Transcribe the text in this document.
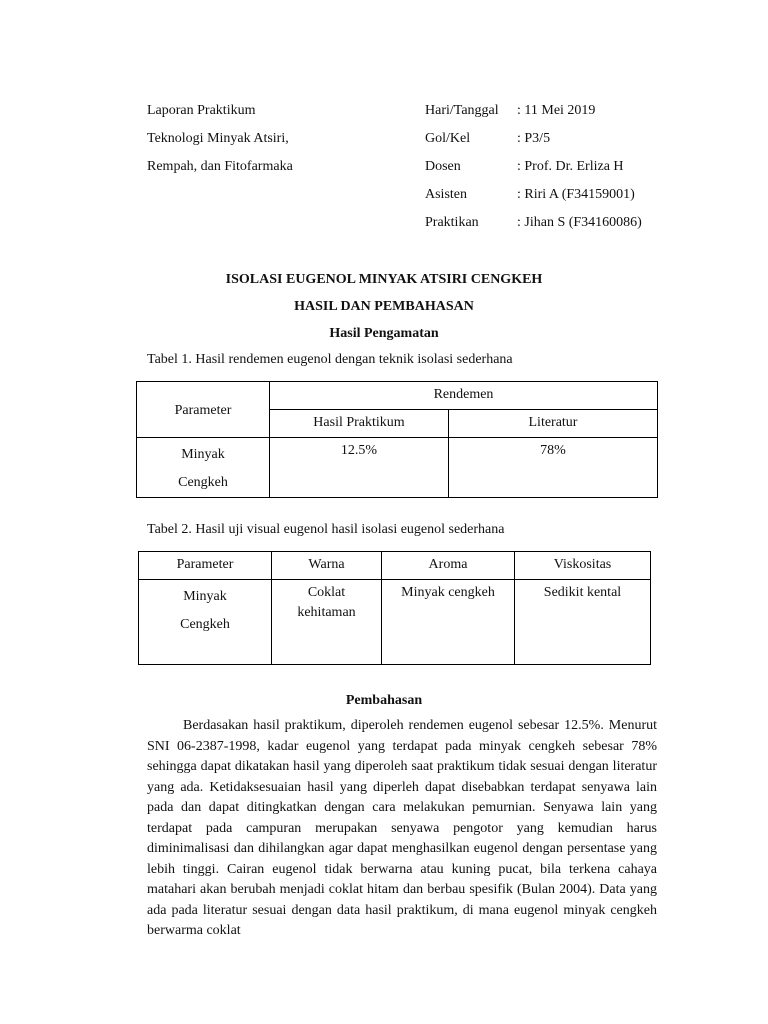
Laporan Praktikum
Teknologi Minyak Atsiri,
Rempah, dan Fitofarmaka
Hari/Tanggal : 11 Mei 2019
Gol/Kel	: P3/5
Dosen	: Prof. Dr. Erliza H
Asisten	: Riri A (F34159001)
Praktikan	: Jihan S (F34160086)
ISOLASI EUGENOL MINYAK ATSIRI CENGKEH
HASIL DAN PEMBAHASAN
Hasil Pengamatan
Tabel 1. Hasil rendemen eugenol dengan teknik isolasi sederhana
Parameter	Rendemen	
	Hasil Praktikum	Literatur
Minyak
Cengkeh	12.5%	78%
Tabel 2. Hasil uji visual eugenol hasil isolasi eugenol sederhana
Parameter	Warna	Aroma	Viskositas
Minyak
Cengkeh	Coklat
kehitaman	Minyak cengkeh	Sedikit kental
Pembahasan
Berdasakan hasil praktikum, diperoleh rendemen eugenol sebesar 12.5%. Menurut SNI 06-2387-1998, kadar eugenol yang terdapat pada minyak cengkeh sebesar 78% sehingga dapat dikatakan hasil yang diperoleh saat praktikum tidak sesuai dengan literatur yang ada. Ketidaksesuaian hasil yang diperleh dapat disebabkan terdapat senyawa lain pada dan dapat ditingkatkan dengan cara melakukan pemurnian. Senyawa lain yang terdapat pada campuran merupakan senyawa pengotor yang kemudian harus diminimalisasi dan dihilangkan agar dapat menghasilkan eugenol dengan persentase yang lebih tinggi. Cairan eugenol tidak berwarna atau kuning pucat, bila terkena cahaya matahari akan berubah menjadi coklat hitam dan berbau spesifik (Bulan 2004). Data yang ada pada literatur sesuai dengan data hasil praktikum, di mana eugenol minyak cengkeh berwarma coklat
